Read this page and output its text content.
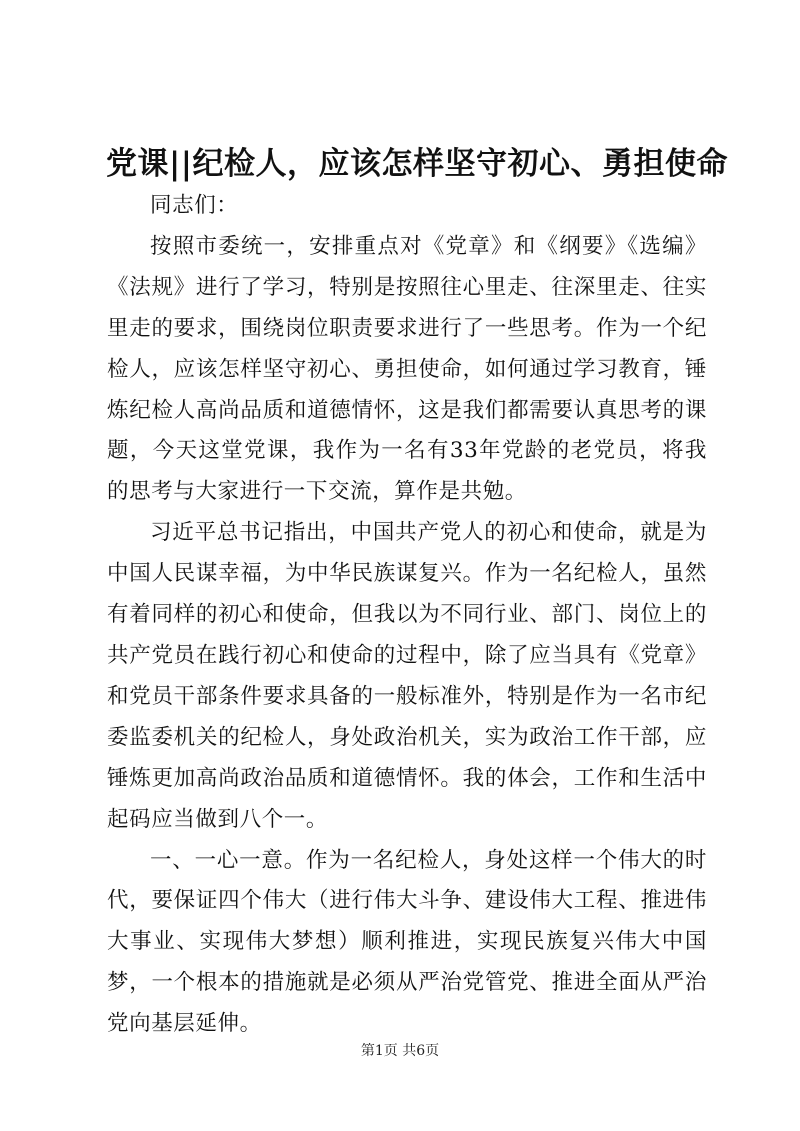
党课||纪检人，应该怎样坚守初心、勇担使命

同志们：

按照市委统一，安排重点对《党章》和《纲要》《选编》《法规》进行了学习，特别是按照往心里走、往深里走、往实里走的要求，围绕岗位职责要求进行了一些思考。作为一个纪检人，应该怎样坚守初心、勇担使命，如何通过学习教育，锤炼纪检人高尚品质和道德情怀，这是我们都需要认真思考的课题，今天这堂党课，我作为一名有33年党龄的老党员，将我的思考与大家进行一下交流，算作是共勉。

习近平总书记指出，中国共产党人的初心和使命，就是为中国人民谋幸福，为中华民族谋复兴。作为一名纪检人，虽然有着同样的初心和使命，但我以为不同行业、部门、岗位上的共产党员在践行初心和使命的过程中，除了应当具有《党章》和党员干部条件要求具备的一般标准外，特别是作为一名市纪委监委机关的纪检人，身处政治机关，实为政治工作干部，应锤炼更加高尚政治品质和道德情怀。我的体会，工作和生活中起码应当做到八个一。

一、一心一意。作为一名纪检人，身处这样一个伟大的时代，要保证四个伟大（进行伟大斗争、建设伟大工程、推进伟大事业、实现伟大梦想）顺利推进，实现民族复兴伟大中国梦，一个根本的措施就是必须从严治党管党、推进全面从严治党向基层延伸。

第1页 共6页
